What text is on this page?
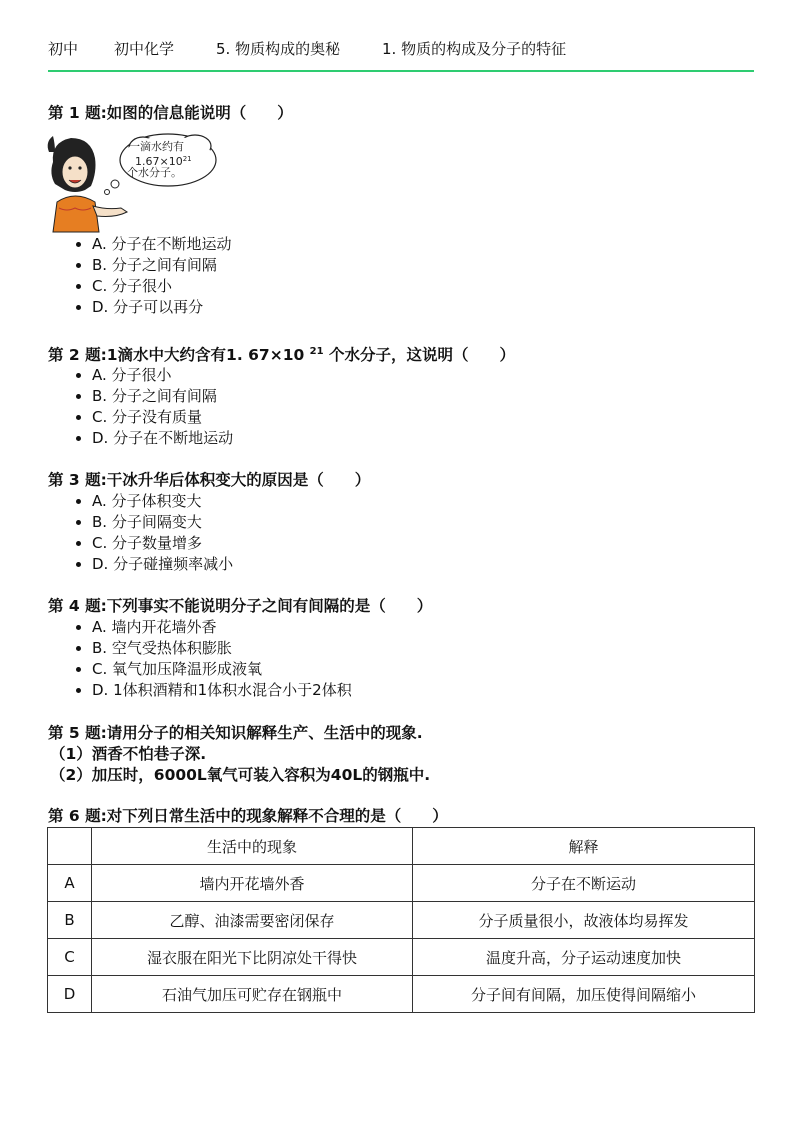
初中	初中化学	5. 物质构成的奥秘	1. 物质的构成及分子的特征
第 1 题:如图的信息能说明（　　）
一滴水约有
$1.67\times 10^{21}$
个水分子。
• A. 分子在不断地运动
• B. 分子之间有间隔
• C. 分子很小
• D. 分子可以再分
第 2 题:1滴水中大约含有1. 67×10 $^{21}$ 个水分子，这说明（　　）
• A. 分子很小
• B. 分子之间有间隔
• C. 分子没有质量
• D. 分子在不断地运动
第 3 题:干冰升华后体积变大的原因是（　　）
• A. 分子体积变大
• B. 分子间隔变大
• C. 分子数量增多
• D. 分子碰撞频率减小
第 4 题:下列事实不能说明分子之间有间隔的是（　　）
• A. 墙内开花墙外香
• B. 空气受热体积膨胀
• C. 氧气加压降温形成液氧
• D. 1体积酒精和1体积水混合小于2体积
第 5 题:请用分子的相关知识解释生产、生活中的现象.
（1）酒香不怕巷子深.
（2）加压时，6000L氧气可装入容积为40L的钢瓶中.
第 6 题:对下列日常生活中的现象解释不合理的是（　　）
	生活中的现象	解释
A	墙内开花墙外香	分子在不断运动
B	乙醇、油漆需要密闭保存	分子质量很小，故液体均易挥发
C	湿衣服在阳光下比阴凉处干得快	温度升高，分子运动速度加快
D	石油气加压可贮存在钢瓶中	分子间有间隔，加压使得间隔缩小
